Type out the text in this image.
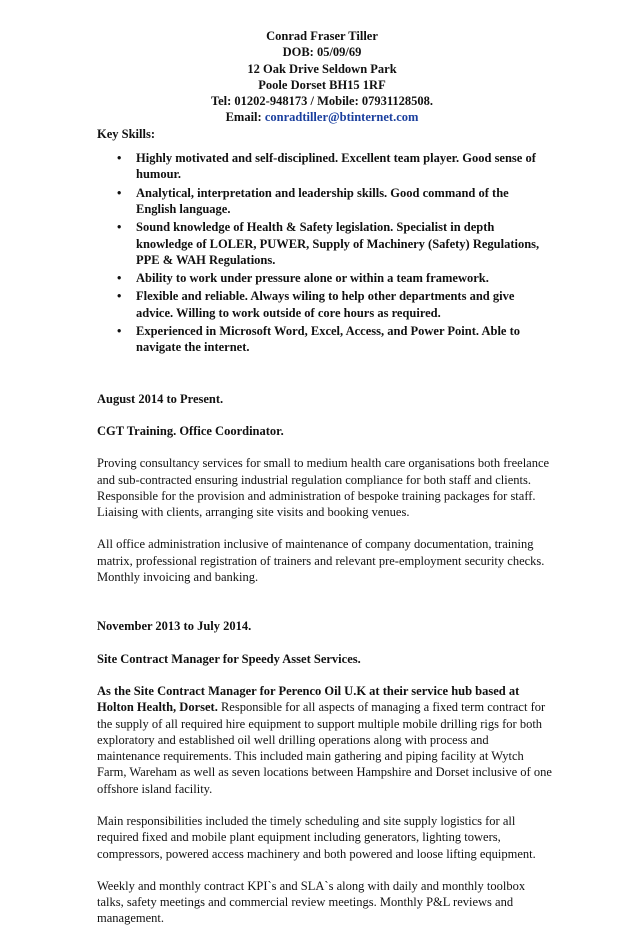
Conrad Fraser Tiller
DOB: 05/09/69
12 Oak Drive Seldown Park
Poole Dorset BH15 1RF
Tel: 01202-948173 / Mobile: 07931128508.
Email: conradtiller@btinternet.com
Key Skills:
• Highly motivated and self-disciplined. Excellent team player. Good sense of humour.
• Analytical, interpretation and leadership skills. Good command of the English language.
• Sound knowledge of Health & Safety legislation. Specialist in depth knowledge of LOLER, PUWER, Supply of Machinery (Safety) Regulations, PPE & WAH Regulations.
• Ability to work under pressure alone or within a team framework.
• Flexible and reliable. Always wiling to help other departments and give advice. Willing to work outside of core hours as required.
• Experienced in Microsoft Word, Excel, Access, and Power Point. Able to navigate the internet.
August 2014 to Present.
CGT Training. Office Coordinator.

Proving consultancy services for small to medium health care organisations both freelance and sub-contracted ensuring industrial regulation compliance for both staff and clients. Responsible for the provision and administration of bespoke training packages for staff. Liaising with clients, arranging site visits and booking venues.

All office administration inclusive of maintenance of company documentation, training matrix, professional registration of trainers and relevant pre-employment security checks. Monthly invoicing and banking.

November 2013 to July 2014.
Site Contract Manager for Speedy Asset Services.

As the Site Contract Manager for Perenco Oil U.K at their service hub based at Holton Health, Dorset. Responsible for all aspects of managing a fixed term contract for the supply of all required hire equipment to support multiple mobile drilling rigs for both exploratory and established oil well drilling operations along with process and maintenance requirements. This included main gathering and piping facility at Wytch Farm, Wareham as well as seven locations between Hampshire and Dorset inclusive of one offshore island facility.

Main responsibilities included the timely scheduling and site supply logistics for all required fixed and mobile plant equipment including generators, lighting towers, compressors, powered access machinery and both powered and loose lifting equipment.

Weekly and monthly contract KPI`s and SLA`s along with daily and monthly toolbox talks, safety meetings and commercial review meetings. Monthly P&L reviews and management.
